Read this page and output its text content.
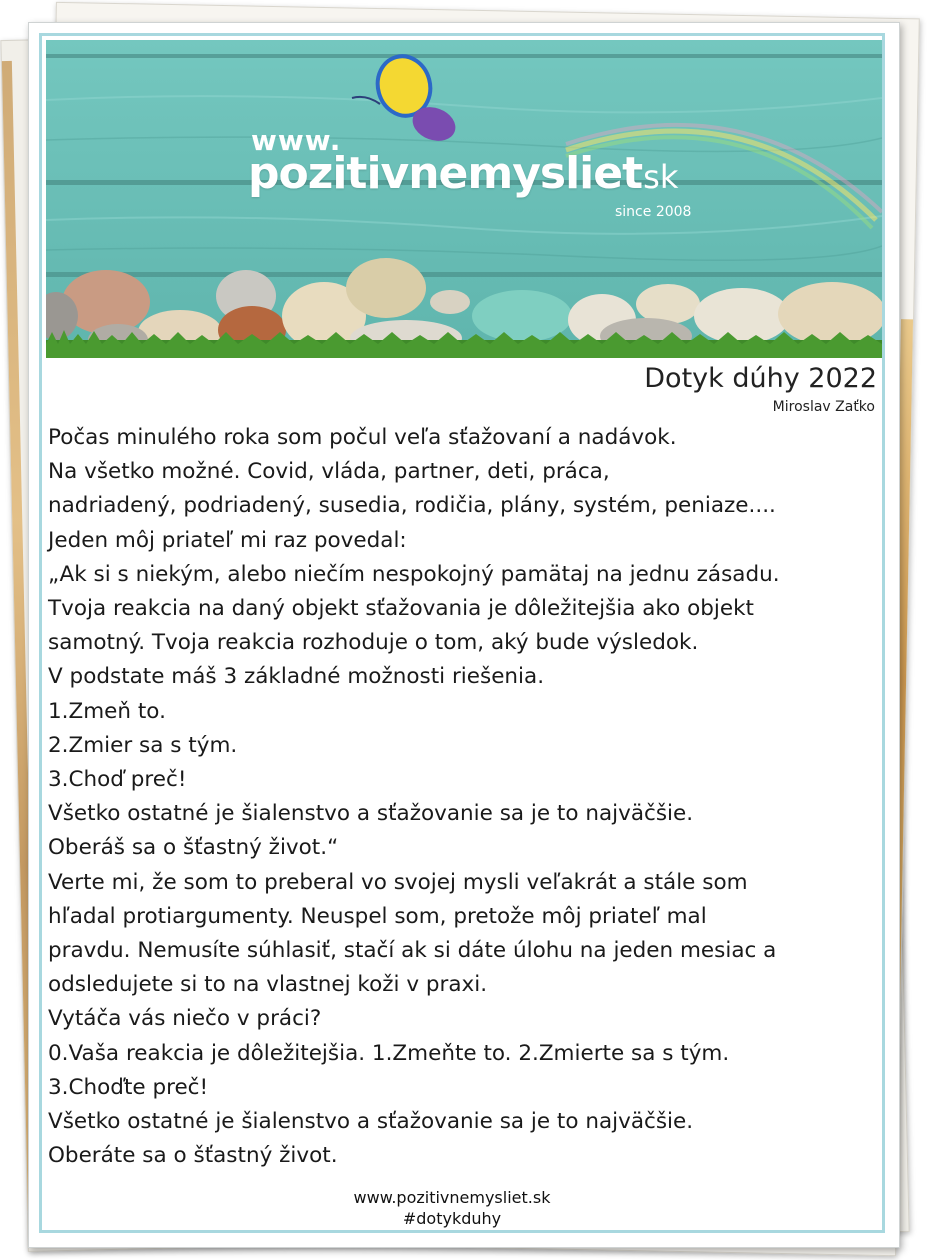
www.
pozitivnemysliet
.sk
since 2008
Dotyk dúhy 2022
Miroslav Zaťko
Počas minulého roka som počul veľa sťažovaní a nadávok.
Na všetko možné. Covid, vláda, partner, deti, práca,
nadriadený, podriadený, susedia, rodičia, plány, systém, peniaze....
Jeden môj priateľ mi raz povedal:
„Ak si s niekým, alebo niečím nespokojný pamätaj na jednu zásadu.
Tvoja reakcia na daný objekt sťažovania je dôležitejšia ako objekt
samotný. Tvoja reakcia rozhoduje o tom, aký bude výsledok.
V podstate máš 3 základné možnosti riešenia.
1.Zmeň to.
2.Zmier sa s tým.
3.Choď preč!
Všetko ostatné je šialenstvo a sťažovanie sa je to najväčšie.
Oberáš sa o šťastný život.“
Verte mi, že som to preberal vo svojej mysli veľakrát a stále som
hľadal protiargumenty. Neuspel som, pretože môj priateľ mal
pravdu. Nemusíte súhlasiť, stačí ak si dáte úlohu na jeden mesiac a
odsledujete si to na vlastnej koži v praxi.
Vytáča vás niečo v práci?
0.Vaša reakcia je dôležitejšia. 1.Zmeňte to. 2.Zmierte sa s tým.
3.Choďte preč!
Všetko ostatné je šialenstvo a sťažovanie sa je to najväčšie.
Oberáte sa o šťastný život.
www.pozitivnemysliet.sk
#dotykduhy
